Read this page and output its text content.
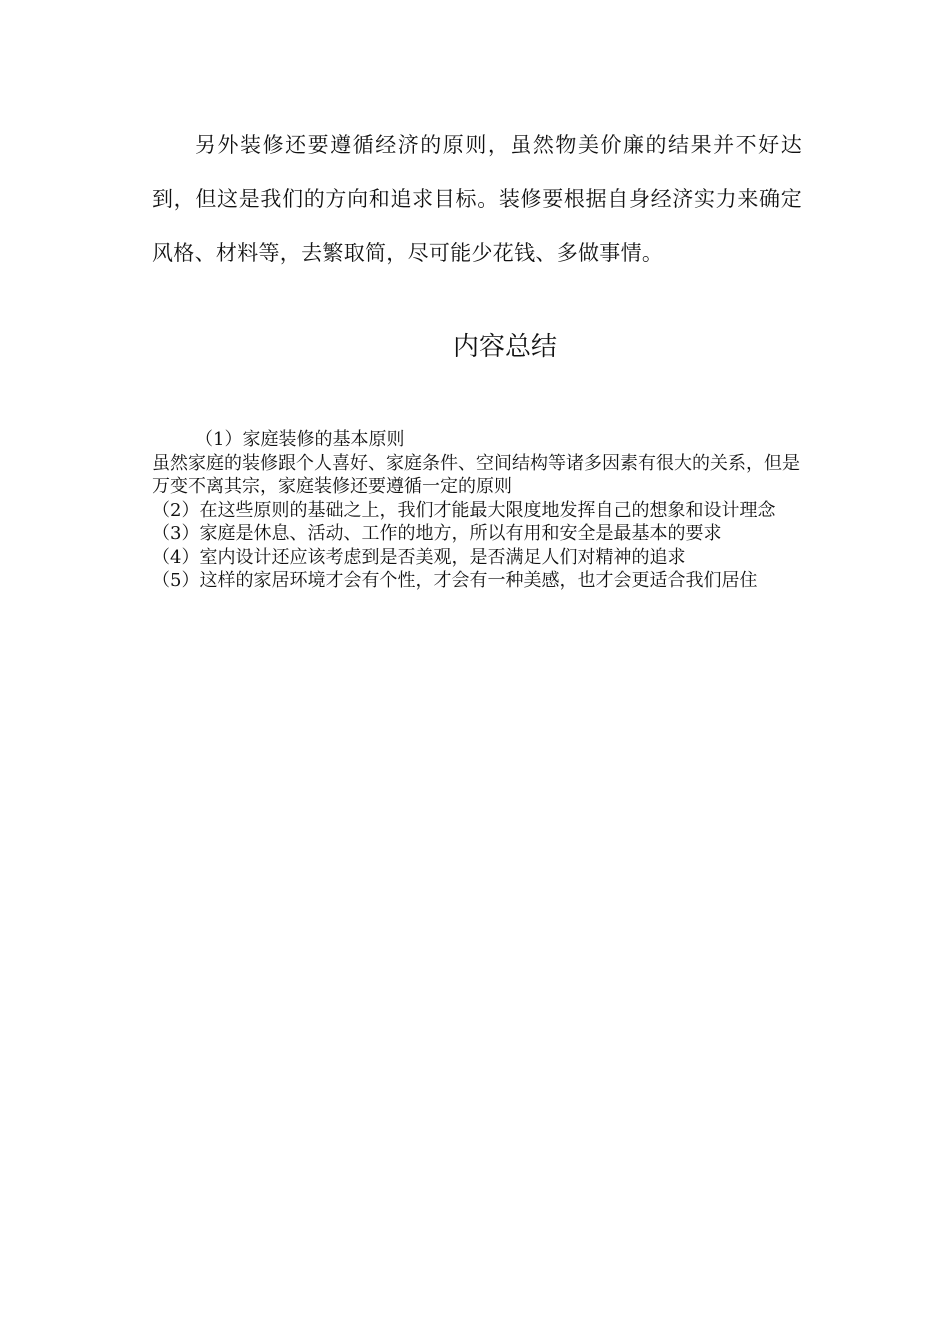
另外装修还要遵循经济的原则，虽然物美价廉的结果并不好达到，但这是我们的方向和追求目标。装修要根据自身经济实力来确定风格、材料等，去繁取简，尽可能少花钱、多做事情。

内容总结
（1）家庭装修的基本原则
虽然家庭的装修跟个人喜好、家庭条件、空间结构等诸多因素有很大的关系，但是万变不离其宗，家庭装修还要遵循一定的原则
（2）在这些原则的基础之上，我们才能最大限度地发挥自己的想象和设计理念
（3）家庭是休息、活动、工作的地方，所以有用和安全是最基本的要求
（4）室内设计还应该考虑到是否美观，是否满足人们对精神的追求
（5）这样的家居环境才会有个性，才会有一种美感，也才会更适合我们居住
